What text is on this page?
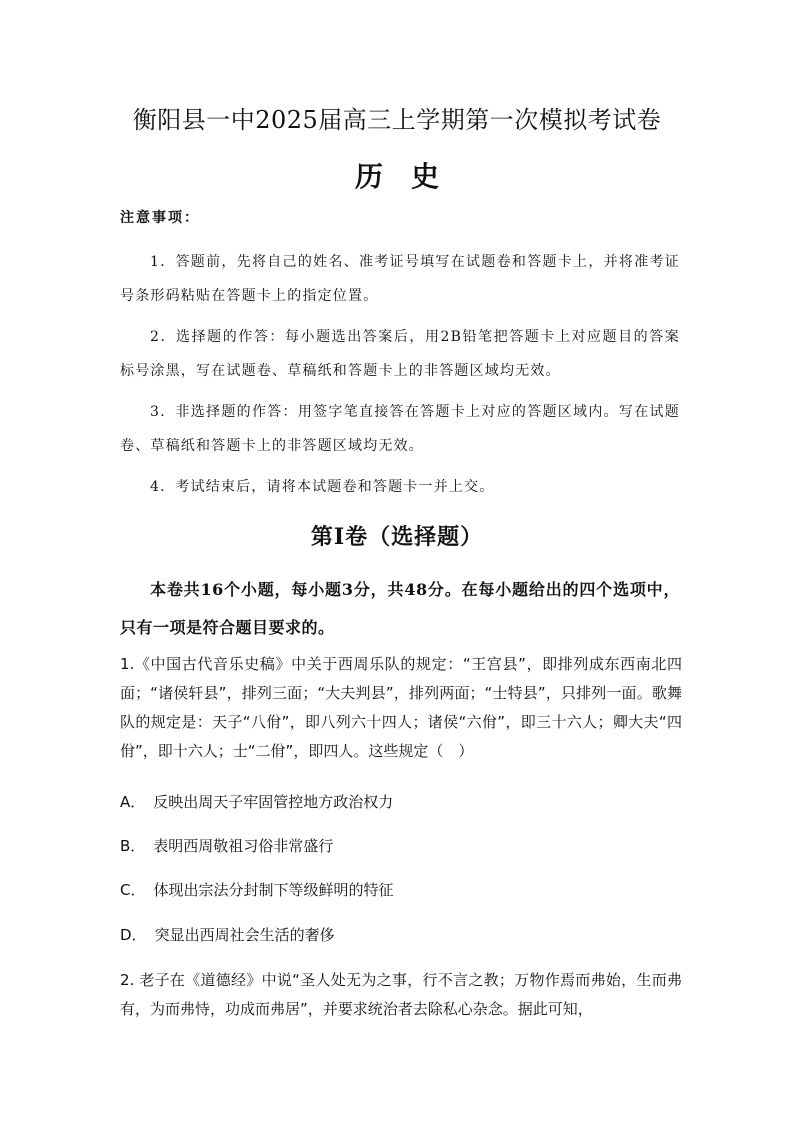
衡阳县一中2025届高三上学期第一次模拟考试卷
历史
注意事项：
1．答题前，先将自己的姓名、准考证号填写在试题卷和答题卡上，并将准考证号条形码粘贴在答题卡上的指定位置。
2．选择题的作答：每小题选出答案后，用2B铅笔把答题卡上对应题目的答案标号涂黑，写在试题卷、草稿纸和答题卡上的非答题区域均无效。
3．非选择题的作答：用签字笔直接答在答题卡上对应的答题区域内。写在试题卷、草稿纸和答题卡上的非答题区域均无效。
4．考试结束后，请将本试题卷和答题卡一并上交。
第Ⅰ卷（选择题）
本卷共16个小题，每小题3分，共48分。在每小题给出的四个选项中，只有一项是符合题目要求的。
1.《中国古代音乐史稿》中关于西周乐队的规定：“王宫县”，即排列成东西南北四面；“诸侯轩县”，排列三面；“大夫判县”，排列两面；“士特县”，只排列一面。歌舞队的规定是：天子“八佾”，即八列六十四人；诸侯“六佾”，即三十六人；卿大夫“四佾”，即十六人；士“二佾”，即四人。这些规定（　）
A． 反映出周天子牢固管控地方政治权力
B． 表明西周敬祖习俗非常盛行
C． 体现出宗法分封制下等级鲜明的特征
D． 突显出西周社会生活的奢侈
2. 老子在《道德经》中说“圣人处无为之事，行不言之教；万物作焉而弗始，生而弗有，为而弗恃，功成而弗居”，并要求统治者去除私心杂念。据此可知，
